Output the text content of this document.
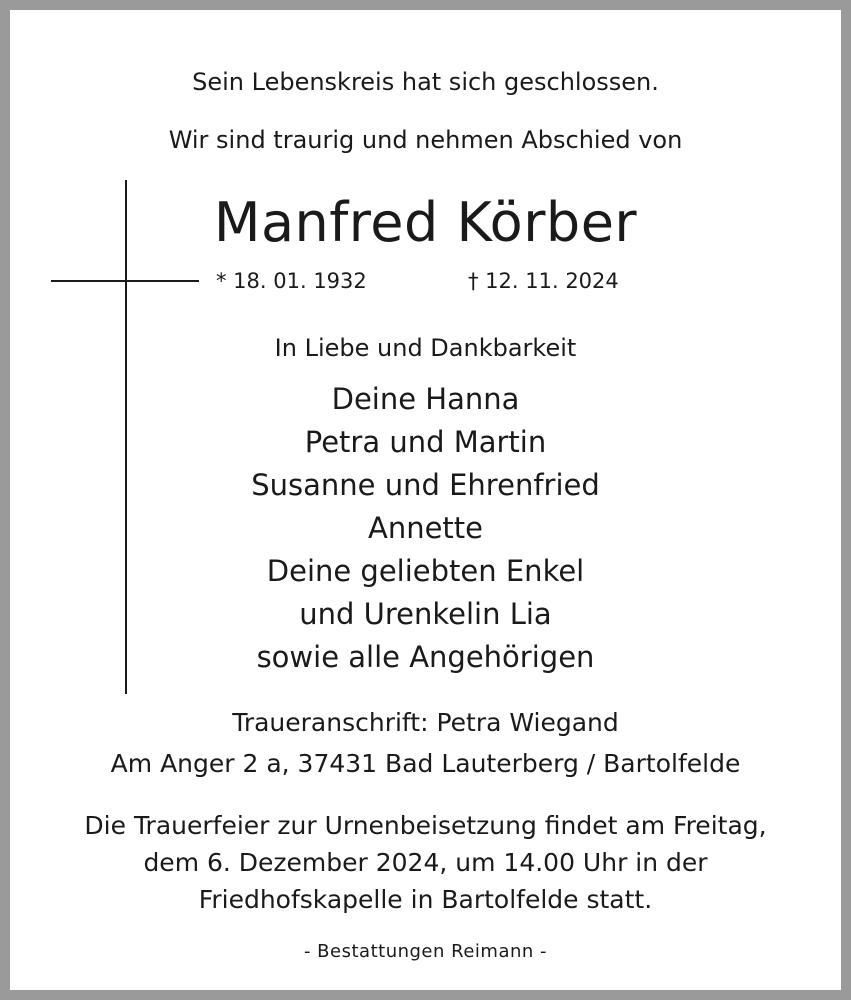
Sein Lebenskreis hat sich geschlossen.
Wir sind traurig und nehmen Abschied von
Manfred Körber
* 18. 01. 1932	† 12. 11. 2024
In Liebe und Dankbarkeit
Deine Hanna
Petra und Martin
Susanne und Ehrenfried
Annette
Deine geliebten Enkel
und Urenkelin Lia
sowie alle Angehörigen
Traueranschrift: Petra Wiegand
Am Anger 2 a, 37431 Bad Lauterberg / Bartolfelde
Die Trauerfeier zur Urnenbeisetzung findet am Freitag,
dem 6. Dezember 2024, um 14.00 Uhr in der
Friedhofskapelle in Bartolfelde statt.
- Bestattungen Reimann -
